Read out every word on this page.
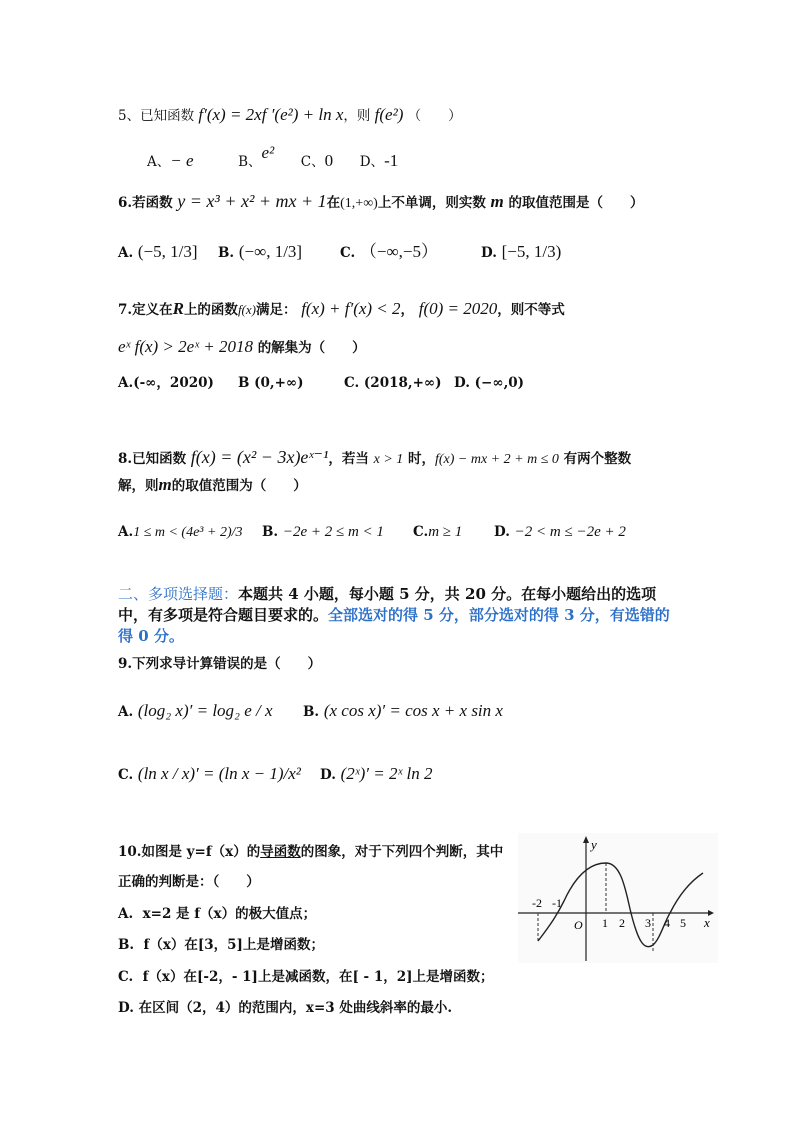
5、已知函数 f′(x) = 2xf ′(e²) + ln x，则 f(e²) （　　）
A、− e	B、e² C、0 D、-1
6.若函数 y = x³ + x² + mx + 1在(1,+∞)上不单调，则实数 m 的取值范围是（　　）
A. (−5, 1/3] B. (−∞, 1/3]	C. （−∞,−5）	D. [−5, 1/3)
7.定义在R上的函数f(x)满足： f(x) + f′(x) < 2， f(0) = 2020，则不等式
eˣ f(x) > 2eˣ + 2018 的解集为（　　）
A.(-∞，2020) B (0,+∞)	C. (2018,+∞) D. (−∞,0)
8.已知函数 f(x) = (x² − 3x)eˣ⁻¹，若当 x > 1 时，f(x) − mx + 2 + m ≤ 0 有两个整数
解，则m的取值范围为（　　）
A.1 ≤ m < (4e³ + 2)/3 B. −2e + 2 ≤ m < 1 C.m ≥ 1 D. −2 < m ≤ −2e + 2
二、多项选择题：本题共 4 小题，每小题 5 分，共 20 分。在每小题给出的选项中，有多项是符合题目要求的。全部选对的得 5 分，部分选对的得 3 分，有选错的得 0 分。
9.下列求导计算错误的是（　　）
A. (log₂ x)′ = log₂ e / x B. (x cos x)′ = cos x + x sin x
C. (ln x / x)′ = (ln x − 1)/x² D. (2ˣ)′ = 2ˣ ln 2
10.如图是 y=f（x）的导函数的图象，对于下列四个判断，其中
正确的判断是：（　　）
A. x=2 是 f（x）的极大值点；
B. f（x）在[3，5]上是增函数；
C. f（x）在[-2，- 1]上是减函数，在[ - 1，2]上是增函数；
D. 在区间（2，4）的范围内，x=3 处曲线斜率的最小.
y
x
O
-2 -1
1 2 3 4 5
